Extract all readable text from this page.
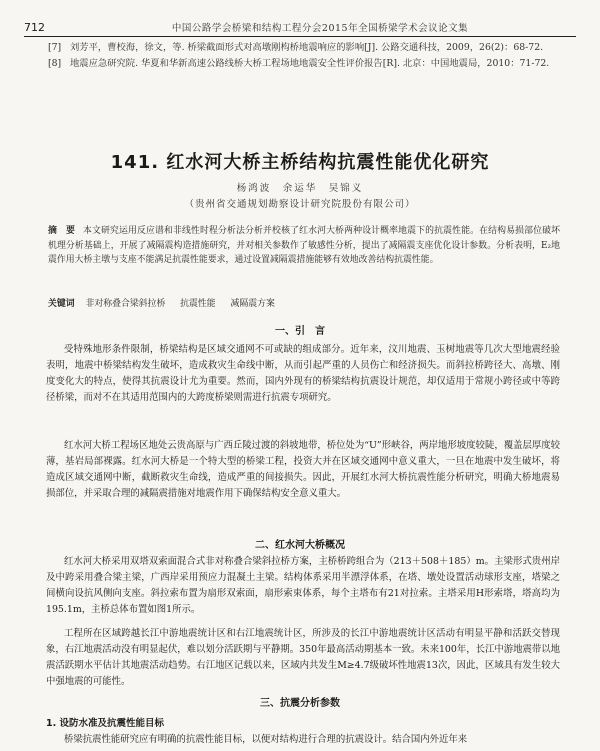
712	中国公路学会桥梁和结构工程分会2015年全国桥梁学术会议论文集
[7] 刘芳平，曹校海，徐文，等. 桥梁截面形式对高墩刚构桥地震响应的影响[J]. 公路交通科技，2009，26(2)：68-72.
[8] 地震应急研究院. 华夏和华新高速公路线桥大桥工程场地地震安全性评价报告[R]. 北京：中国地震局，2010：71-72.
141. 红水河大桥主桥结构抗震性能优化研究
杨鸿波　余运华　吴锦义
（贵州省交通规划勘察设计研究院股份有限公司）
摘　要 本文研究运用反应谱和非线性时程分析法分析并校核了红水河大桥两种设计概率地震下的抗震性能。在结构易损部位破坏机理分析基础上，开展了减隔震构造措施研究，并对相关参数作了敏感性分析，提出了减隔震支座优化设计参数。分析表明，E₂地震作用大桥主墩与支座不能满足抗震性能要求，通过设置减隔震措施能够有效地改善结构抗震性能。
关键词 非对称叠合梁斜拉桥 抗震性能 减隔震方案
一、引　言
受特殊地形条件限制，桥梁结构是区域交通网不可或缺的组成部分。近年来，汶川地震、玉树地震等几次大型地震经验表明，地震中桥梁结构发生破坏，造成救灾生命线中断，从而引起严重的人员伤亡和经济损失。而斜拉桥跨径大、高墩、刚度变化大的特点，使得其抗震设计尤为重要。然而，国内外现有的桥梁结构抗震设计规范，却仅适用于常规小跨径或中等跨径桥梁，而对不在其适用范围内的大跨度桥梁则需进行抗震专项研究。
红水河大桥工程场区地处云贵高原与广西丘陵过渡的斜坡地带，桥位处为“U”形峡谷，两岸地形坡度较陡，覆盖层厚度较薄，基岩局部裸露。红水河大桥是一个特大型的桥梁工程，投资大并在区域交通网中意义重大，一旦在地震中发生破坏，将造成区域交通网中断，截断救灾生命线，造成严重的间接损失。因此，开展红水河大桥抗震性能分析研究，明确大桥地震易损部位，并采取合理的减隔震措施对地震作用下确保结构安全意义重大。
二、红水河大桥概况
红水河大桥采用双塔双索面混合式非对称叠合梁斜拉桥方案，主桥桥跨组合为（213＋508＋185）m。主梁形式贵州岸及中跨采用叠合梁主梁，广西岸采用预应力混凝土主梁。结构体系采用半漂浮体系，在塔、墩处设置活动球形支座，塔梁之间横向设抗风侧向支座。斜拉索布置为扇形双索面，扇形索束体系，每个主塔布有21对拉索。主塔采用H形索塔，塔高均为195.1m，主桥总体布置如图1所示。
工程所在区域跨越长江中游地震统计区和右江地震统计区，所涉及的长江中游地震统计区活动有明显平静和活跃交替现象，右江地震活动没有明显起伏，难以划分活跃期与平静期。350年最高活动期基本一致。未来100年，长江中游地震带以地震活跃期水平估计其地震活动趋势。右江地区记载以来，区域内共发生M≥4.7级破坏性地震13次，因此，区域具有发生较大中强地震的可能性。
三、抗震分析参数
1. 设防水准及抗震性能目标
桥梁抗震性能研究应有明确的抗震性能目标，以便对结构进行合理的抗震设计。结合国内外近年来
